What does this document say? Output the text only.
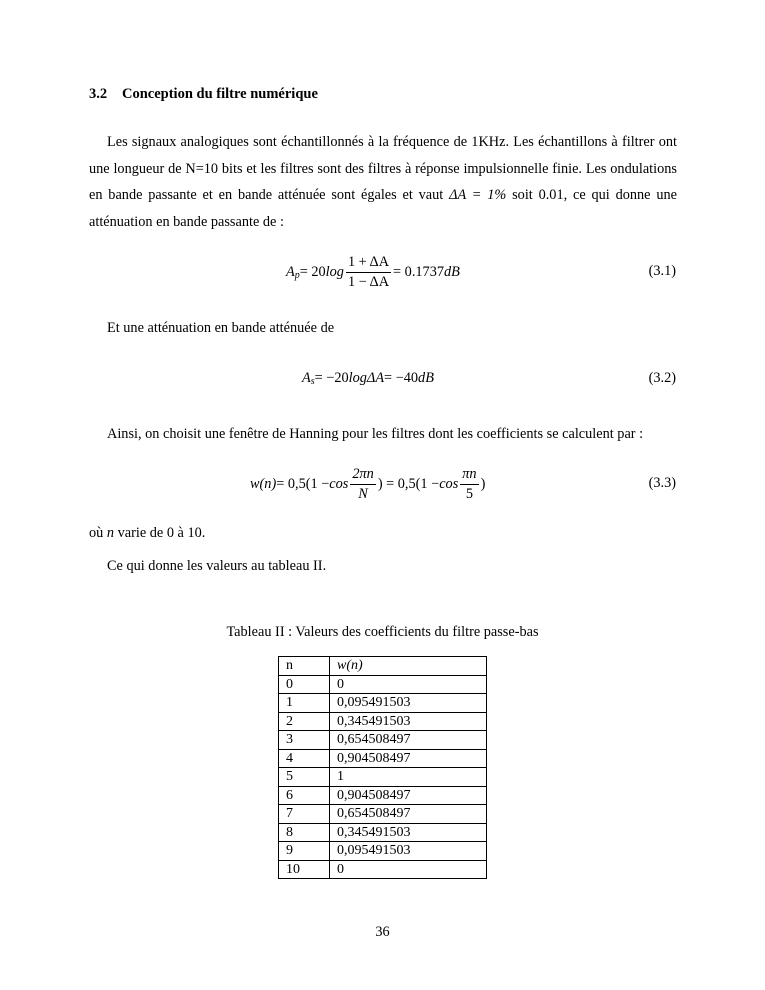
3.2 Conception du filtre numérique
Les signaux analogiques sont échantillonnés à la fréquence de 1KHz. Les échantillons à filtrer ont une longueur de N=10 bits et les filtres sont des filtres à réponse impulsionnelle finie. Les ondulations en bande passante et en bande atténuée sont égales et vaut ΔA = 1% soit 0.01, ce qui donne une atténuation en bande passante de :
$A_p = 20$ $\log \frac{1 + \Delta A}{1 - \Delta A} = 0.1737$ dB	(3.1)
Et une atténuation en bande atténuée de
$A_s = -20$ log ΔA = −40 dB	(3.2)
Ainsi, on choisit une fenêtre de Hanning pour les filtres dont les coefficients se calculent par :
$w(n) = 0,5(1 - \cos \frac{2\pi n}{N}$ ) = $0,5(1 - \cos \frac{\pi n}{5}$ )	(3.3)
où n varie de 0 à 10.
Ce qui donne les valeurs au tableau II.
Tableau II : Valeurs des coefficients du filtre passe-bas
n	w(n)
0	0
1	0,095491503
2	0,345491503
3	0,654508497
4	0,904508497
5	1
6	0,904508497
7	0,654508497
8	0,345491503
9	0,095491503
10	0
36
